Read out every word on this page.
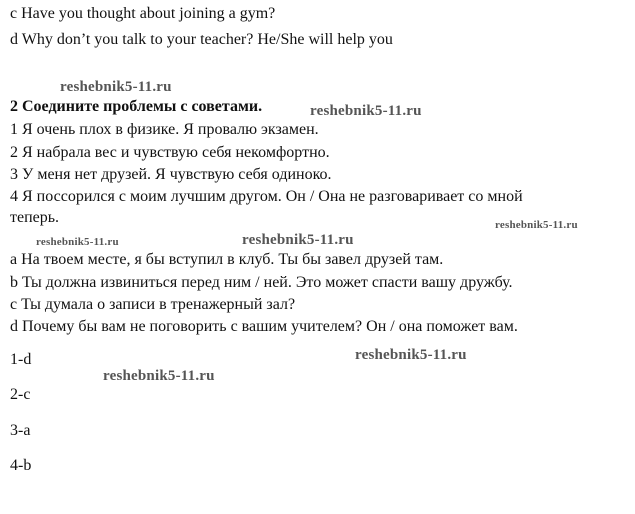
c Have you thought about joining a gym?
d Why don’t you talk to your teacher? He/She will help you
2 Соедините проблемы с советами.
1 Я очень плох в физике. Я провалю экзамен.
2 Я набрала вес и чувствую себя некомфортно.
3 У меня нет друзей. Я чувствую себя одиноко.
4 Я поссорился с моим лучшим другом. Он / Она не разговаривает со мной
теперь.
a На твоем месте, я бы вступил в клуб. Ты бы завел друзей там.
b Ты должна извиниться перед ним / ней. Это может спасти вашу дружбу.
c Ты думала о записи в тренажерный зал?
d Почему бы вам не поговорить с вашим учителем? Он / она поможет вам.
1-d
2-c
3-a
4-b
reshebnik5-11.ru
reshebnik5-11.ru
reshebnik5-11.ru
reshebnik5-11.ru	reshebnik5-11.ru
reshebnik5-11.ru
reshebnik5-11.ru
